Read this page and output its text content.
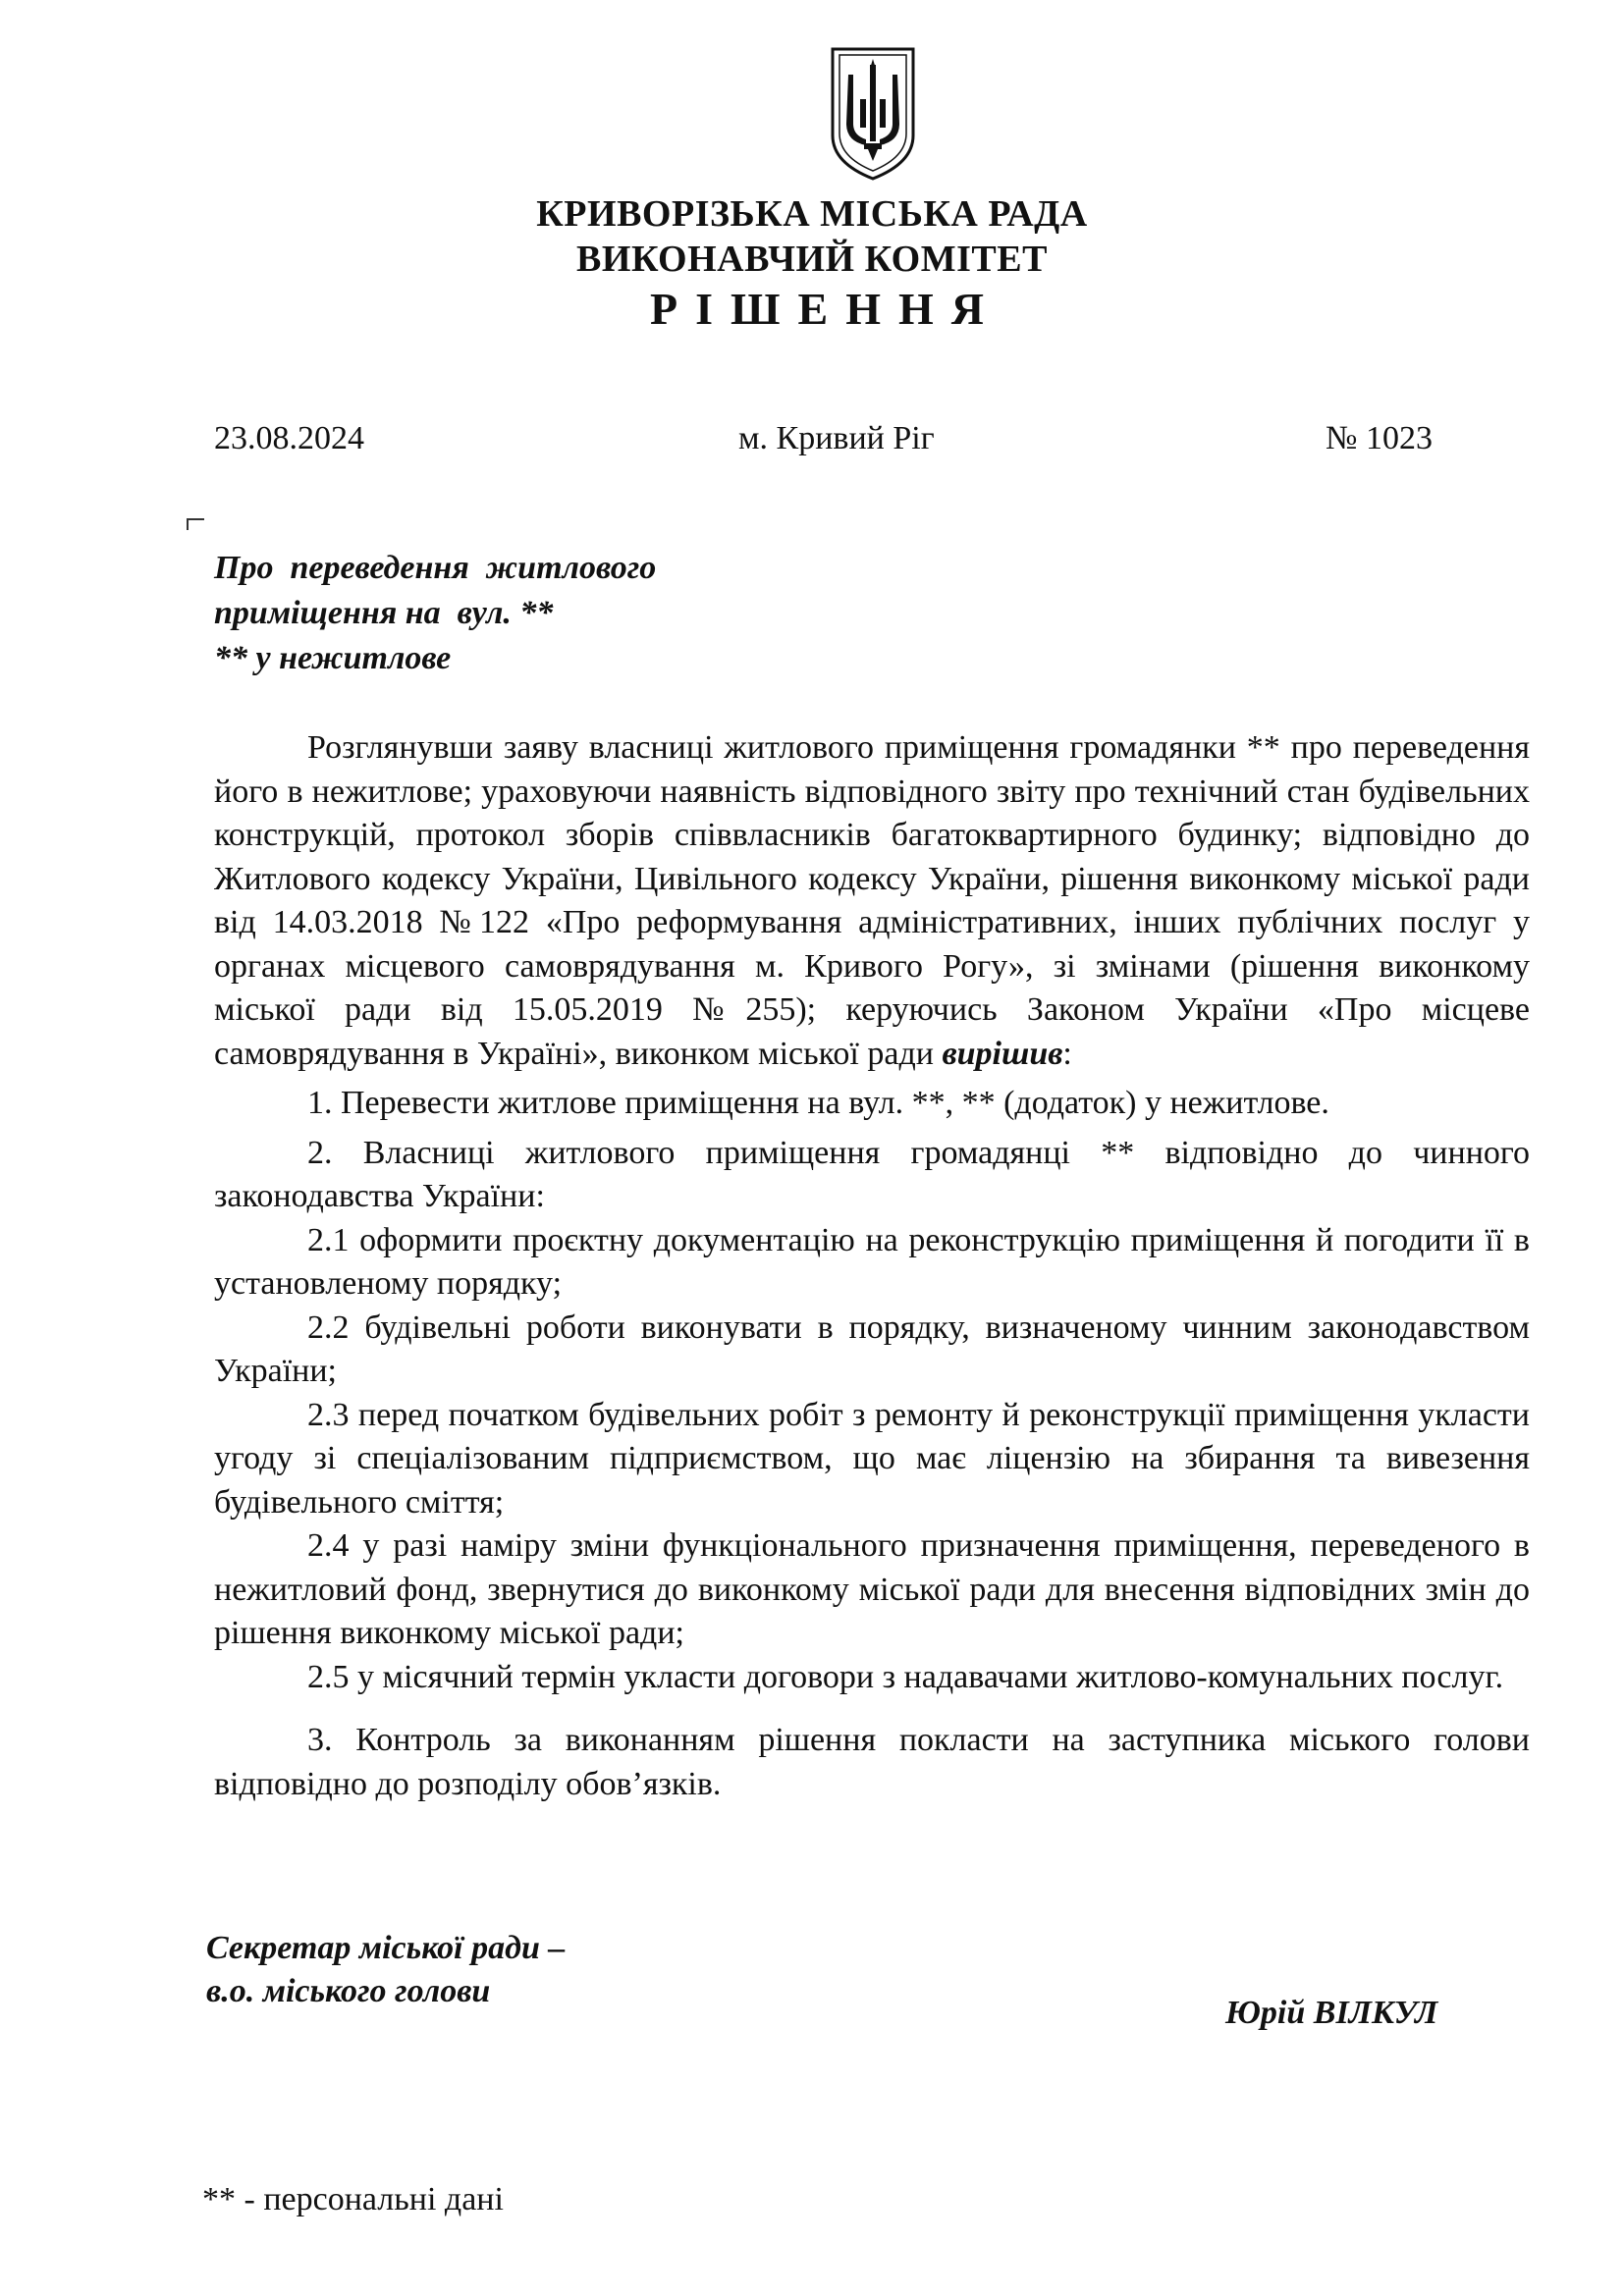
КРИВОРІЗЬКА МІСЬКА РАДА
ВИКОНАВЧИЙ КОМІТЕТ
РІШЕННЯ
23.08.2024	м. Кривий Ріг	№ 1023
Про  переведення  житлового
приміщення на  вул. **
** у нежитлове

Розглянувши заяву власниці житлового приміщення громадянки ** про переведення його в нежитлове; ураховуючи наявність відповідного звіту про технічний стан будівельних конструкцій, протокол зборів співвласників багатоквартирного будинку; відповідно до Житлового кодексу України, Цивільного кодексу України, рішення виконкому міської ради від 14.03.2018 №122 «Про реформування адміністративних, інших публічних послуг у органах місцевого самоврядування м. Кривого Рогу», зі змінами (рішення виконкому міської ради від 15.05.2019 №255); керуючись Законом України «Про місцеве самоврядування в Україні», виконком міської ради вирішив:

1. Перевести житлове приміщення на вул. **, ** (додаток) у нежитлове.

2. Власниці житлового приміщення громадянці ** відповідно до чинного законодавства України:

2.1 оформити проєктну документацію на реконструкцію приміщення й погодити її в установленому порядку;

2.2 будівельні роботи виконувати в порядку, визначеному чинним законодавством України;

2.3 перед початком будівельних робіт з ремонту й реконструкції приміщення укласти угоду зі спеціалізованим підприємством, що має ліцензію на збирання та вивезення будівельного сміття;

2.4 у разі наміру зміни функціонального призначення приміщення, переведеного в нежитловий фонд, звернутися до виконкому міської ради для внесення відповідних змін до рішення виконкому міської ради;

2.5 у місячний термін укласти договори з надавачами житлово-комунальних послуг.

3. Контроль за виконанням рішення покласти на заступника міського голови відповідно до розподілу обов’язків.

Секретар міської ради –
в.о. міського голови
Юрій ВІЛКУЛ
** - персональні дані
